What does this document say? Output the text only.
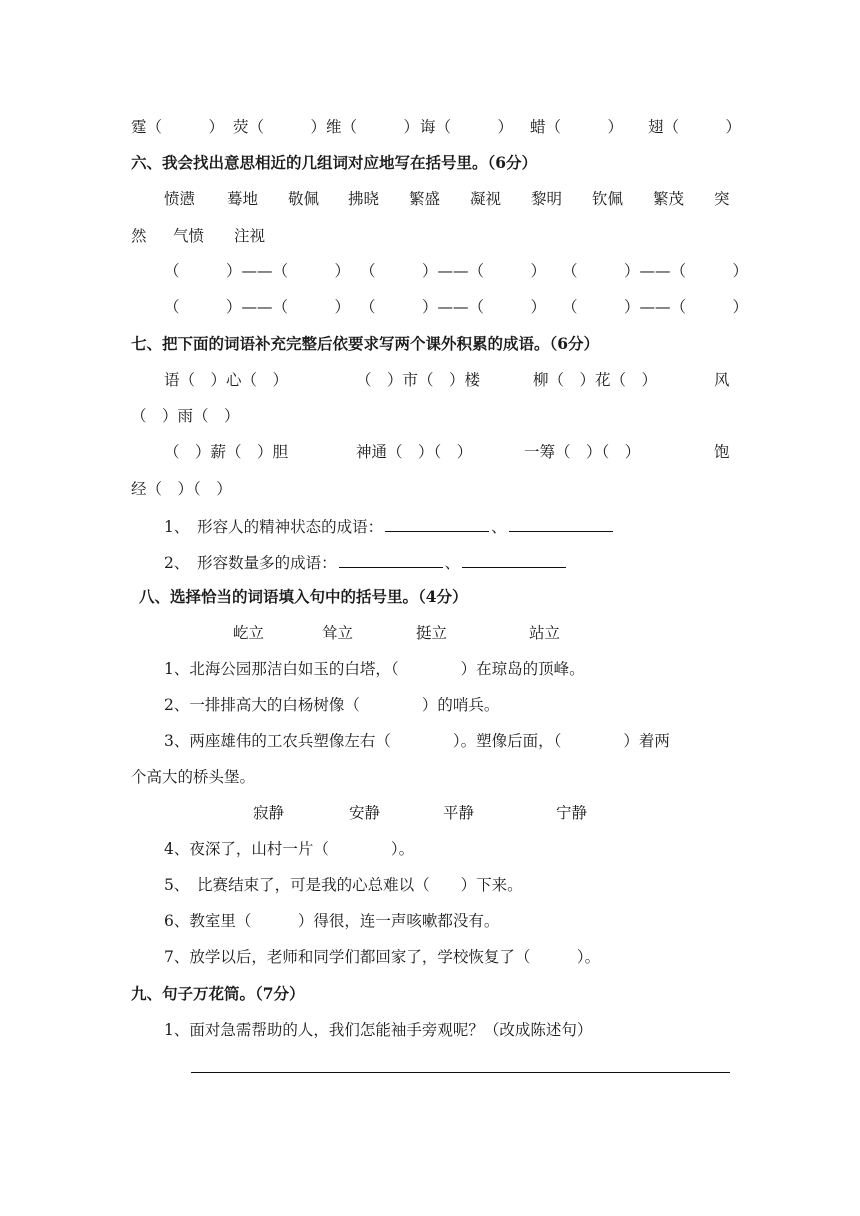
霆（　　　） 荧（　　　）维（　　　） 诲（　　　） 蜡（　　　） 翅（　　　）
六、我会找出意思相近的几组词对应地写在括号里。（6分）
愤懑 蓦地 敬佩 拂晓 繁盛 凝视 黎明 钦佩 繁茂 突
然 气愤 注视
（　　　）——（　　　） （　　　）——（　　　） （　　　）——（　　　）
（　　　）——（　　　） （　　　）——（　　　） （　　　）——（　　　）
七、把下面的词语补充完整后依要求写两个课外积累的成语。（6分）
语（　）心（　）	（　）市（　）楼	柳（　）花（　）	风
（　）雨（　）
（　）薪（　）胆	神通（　）（　）	一筹（　）（　）	饱
经（　）（　）
1、　形容人的精神状态的成语：	、
2、　形容数量多的成语：	、
八、选择恰当的词语填入句中的括号里。（4分）
屹立	耸立	挺立	站立
1、北海公园那洁白如玉的白塔，（　　　　）在琼岛的顶峰。
2、一排排高大的白杨树像（　　　　）的哨兵。
3、两座雄伟的工农兵塑像左右（　　　　）。塑像后面，（　　　　）着两
个高大的桥头堡。
寂静	安静	平静	宁静
4、夜深了，山村一片（　　　　）。
5、　比赛结束了，可是我的心总难以（　　）下来。
6、教室里（　　　）得很，连一声咳嗽都没有。
7、放学以后，老师和同学们都回家了，学校恢复了（　　　）。
九、句子万花筒。（7分）
1、面对急需帮助的人，我们怎能袖手旁观呢？（改成陈述句）
